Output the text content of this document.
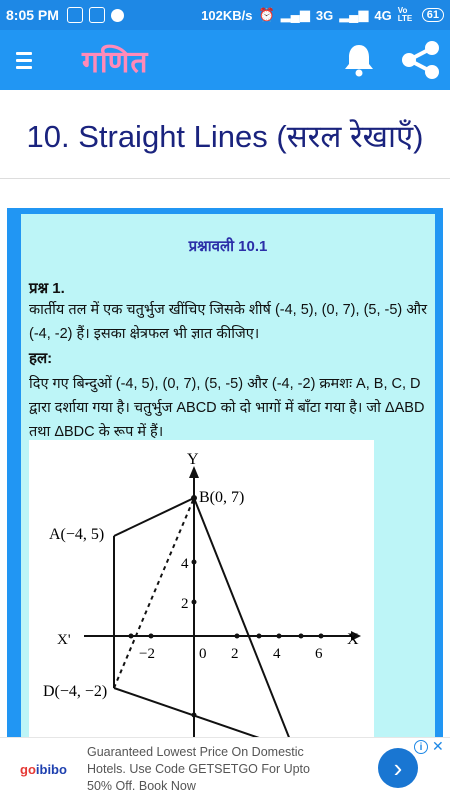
8:05 PM	102KB/s ⏰ ▂▄▆ 3G ▂▄▆ 4G Vo LTE	61
गणित
10. Straight Lines (सरल रेखाएँ)
प्रश्नावली 10.1
प्रश्न 1.
कार्तीय तल में एक चतुर्भुज खींचिए जिसके शीर्ष (-4, 5), (0, 7), (5, -5) और (-4, -2) हैं। इसका क्षेत्रफल भी ज्ञात कीजिए।
हल:
दिए गए बिन्दुओं (-4, 5), (0, 7), (5, -5) और (-4, -2) क्रमशः A, B, C, D द्वारा दर्शाया गया है। चतुर्भुज ABCD को दो भागों में बाँटा गया है। जो ΔABD तथा ΔBDC के रूप में हैं।
Y
X
X'
B(0, 7)
A(−4, 5)
D(−4, −2)
−2	0 2 4 6
4
2
goibibo
Guaranteed Lowest Price On Domestic Hotels. Use Code GETSETGO For Upto 50% Off. Book Now
›
i ✕
